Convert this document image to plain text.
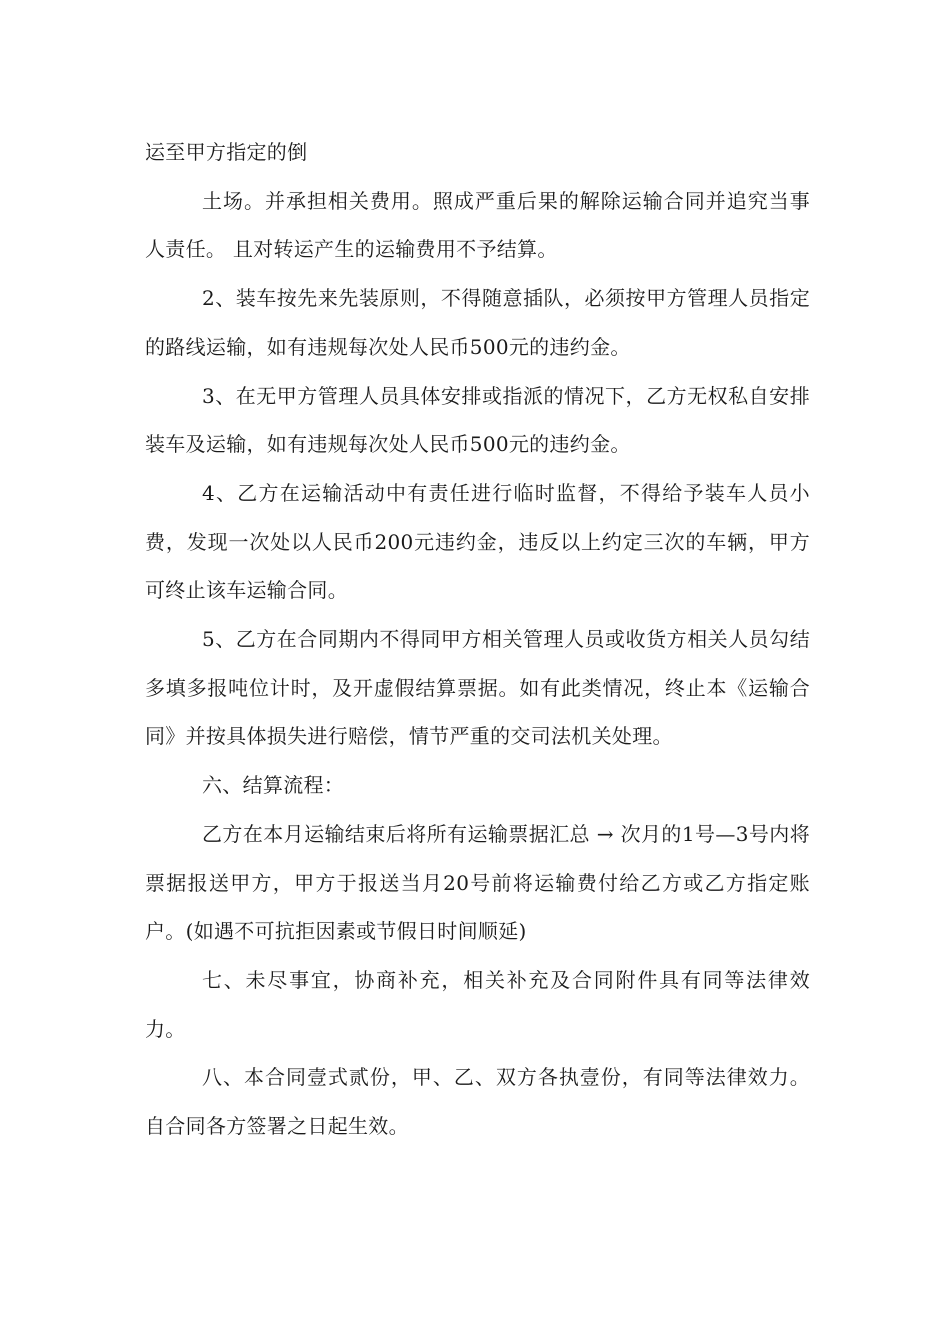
运至甲方指定的倒

土场。并承担相关费用。照成严重后果的解除运输合同并追究当事人责任。 且对转运产生的运输费用不予结算。

2、装车按先来先装原则，不得随意插队，必须按甲方管理人员指定的路线运输，如有违规每次处人民币500元的违约金。

3、在无甲方管理人员具体安排或指派的情况下，乙方无权私自安排装车及运输，如有违规每次处人民币500元的违约金。

4、乙方在运输活动中有责任进行临时监督，不得给予装车人员小费，发现一次处以人民币200元违约金，违反以上约定三次的车辆，甲方可终止该车运输合同。

5、乙方在合同期内不得同甲方相关管理人员或收货方相关人员勾结多填多报吨位计时，及开虚假结算票据。如有此类情况，终止本《运输合同》并按具体损失进行赔偿，情节严重的交司法机关处理。

六、结算流程：

乙方在本月运输结束后将所有运输票据汇总 → 次月的1号—3号内将票据报送甲方，甲方于报送当月20号前将运输费付给乙方或乙方指定账户。(如遇不可抗拒因素或节假日时间顺延)

七、未尽事宜，协商补充，相关补充及合同附件具有同等法律效力。

八、本合同壹式贰份，甲、乙、双方各执壹份，有同等法律效力。自合同各方签署之日起生效。
